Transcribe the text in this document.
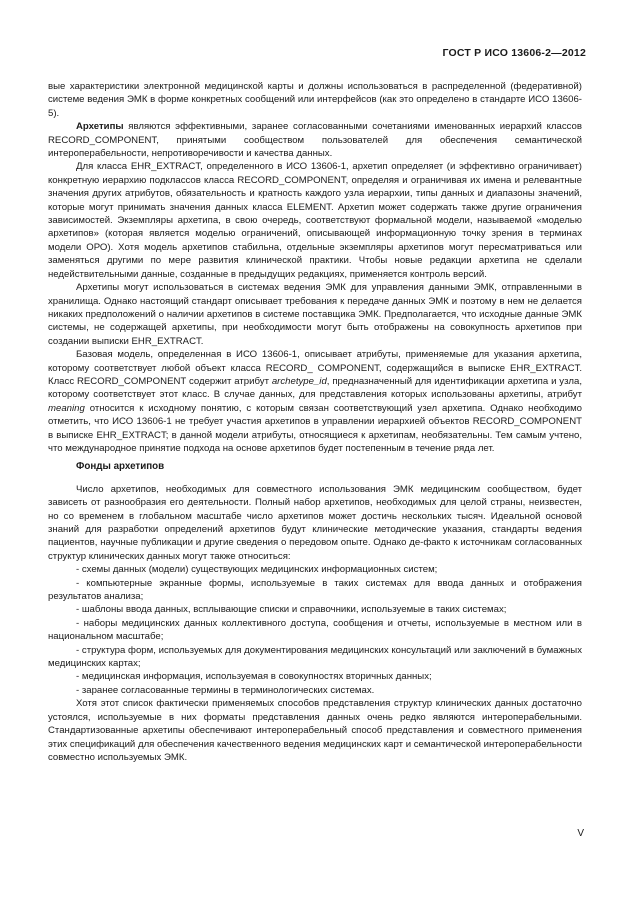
ГОСТ Р ИСО 13606-2—2012

вые характеристики электронной медицинской карты и должны использоваться в распределенной (федеративной) системе ведения ЭМК в форме конкретных сообщений или интерфейсов (как это определено в стандарте ИСО 13606-5).

Архетипы являются эффективными, заранее согласованными сочетаниями именованных иерархий классов RECORD_COMPONENT, принятыми сообществом пользователей для обеспечения семантической интероперабельности, непротиворечивости и качества данных.

Для класса EHR_EXTRACT, определенного в ИСО 13606-1, архетип определяет (и эффективно ограничивает) конкретную иерархию подклассов класса RECORD_COMPONENT, определяя и ограничивая их имена и релевантные значения других атрибутов, обязательность и кратность каждого узла иерархии, типы данных и диапазоны значений, которые могут принимать значения данных класса ELEMENT. Архетип может содержать также другие ограничения зависимостей. Экземпляры архетипа, в свою очередь, соответствуют формальной модели, называемой «моделью архетипов» (которая является моделью ограничений, описывающей информационную точку зрения в терминах модели ОРО). Хотя модель архетипов стабильна, отдельные экземпляры архетипов могут пересматриваться или заменяться другими по мере развития клинической практики. Чтобы новые редакции архетипа не сделали недействительными данные, созданные в предыдущих редакциях, применяется контроль версий.

Архетипы могут использоваться в системах ведения ЭМК для управления данными ЭМК, отправленными в хранилища. Однако настоящий стандарт описывает требования к передаче данных ЭМК и поэтому в нем не делается никаких предположений о наличии архетипов в системе поставщика ЭМК. Предполагается, что исходные данные ЭМК системы, не содержащей архетипы, при необходимости могут быть отображены на совокупность архетипов при создании выписки EHR_EXTRACT.

Базовая модель, определенная в ИСО 13606-1, описывает атрибуты, применяемые для указания архетипа, которому соответствует любой объект класса RECORD_ COMPONENT, содержащийся в выписке EHR_EXTRACT. Класс RECORD_COMPONENT содержит атрибут archetype_id, предназначенный для идентификации архетипа и узла, которому соответствует этот класс. В случае данных, для представления которых использованы архетипы, атрибут meaning относится к исходному понятию, с которым связан соответствующий узел архетипа. Однако необходимо отметить, что ИСО 13606-1 не требует участия архетипов в управлении иерархией объектов RECORD_COMPONENT в выписке EHR_EXTRACT; в данной модели атрибуты, относящиеся к архетипам, необязательны. Тем самым учтено, что международное принятие подхода на основе архетипов будет постепенным в течение ряда лет.

Фонды архетипов

Число архетипов, необходимых для совместного использования ЭМК медицинским сообществом, будет зависеть от разнообразия его деятельности. Полный набор архетипов, необходимых для целой страны, неизвестен, но со временем в глобальном масштабе число архетипов может достичь нескольких тысяч. Идеальной основой знаний для разработки определений архетипов будут клинические методические указания, стандарты ведения пациентов, научные публикации и другие сведения о передовом опыте. Однако де-факто к источникам согласованных структур клинических данных могут также относиться:

- схемы данных (модели) существующих медицинских информационных систем;

- компьютерные экранные формы, используемые в таких системах для ввода данных и отображения результатов анализа;

- шаблоны ввода данных, всплывающие списки и справочники, используемые в таких системах;

- наборы медицинских данных коллективного доступа, сообщения и отчеты, используемые в местном или в национальном масштабе;

- структура форм, используемых для документирования медицинских консультаций или заключений в бумажных медицинских картах;

- медицинская информация, используемая в совокупностях вторичных данных;

- заранее согласованные термины в терминологических системах.

Хотя этот список фактически применяемых способов представления структур клинических данных достаточно устоялся, используемые в них форматы представления данных очень редко являются интероперабельными. Стандартизованные архетипы обеспечивают интероперабельный способ представления и совместного применения этих спецификаций для обеспечения качественного ведения медицинских карт и семантической интероперабельности совместно используемых ЭМК.

V
